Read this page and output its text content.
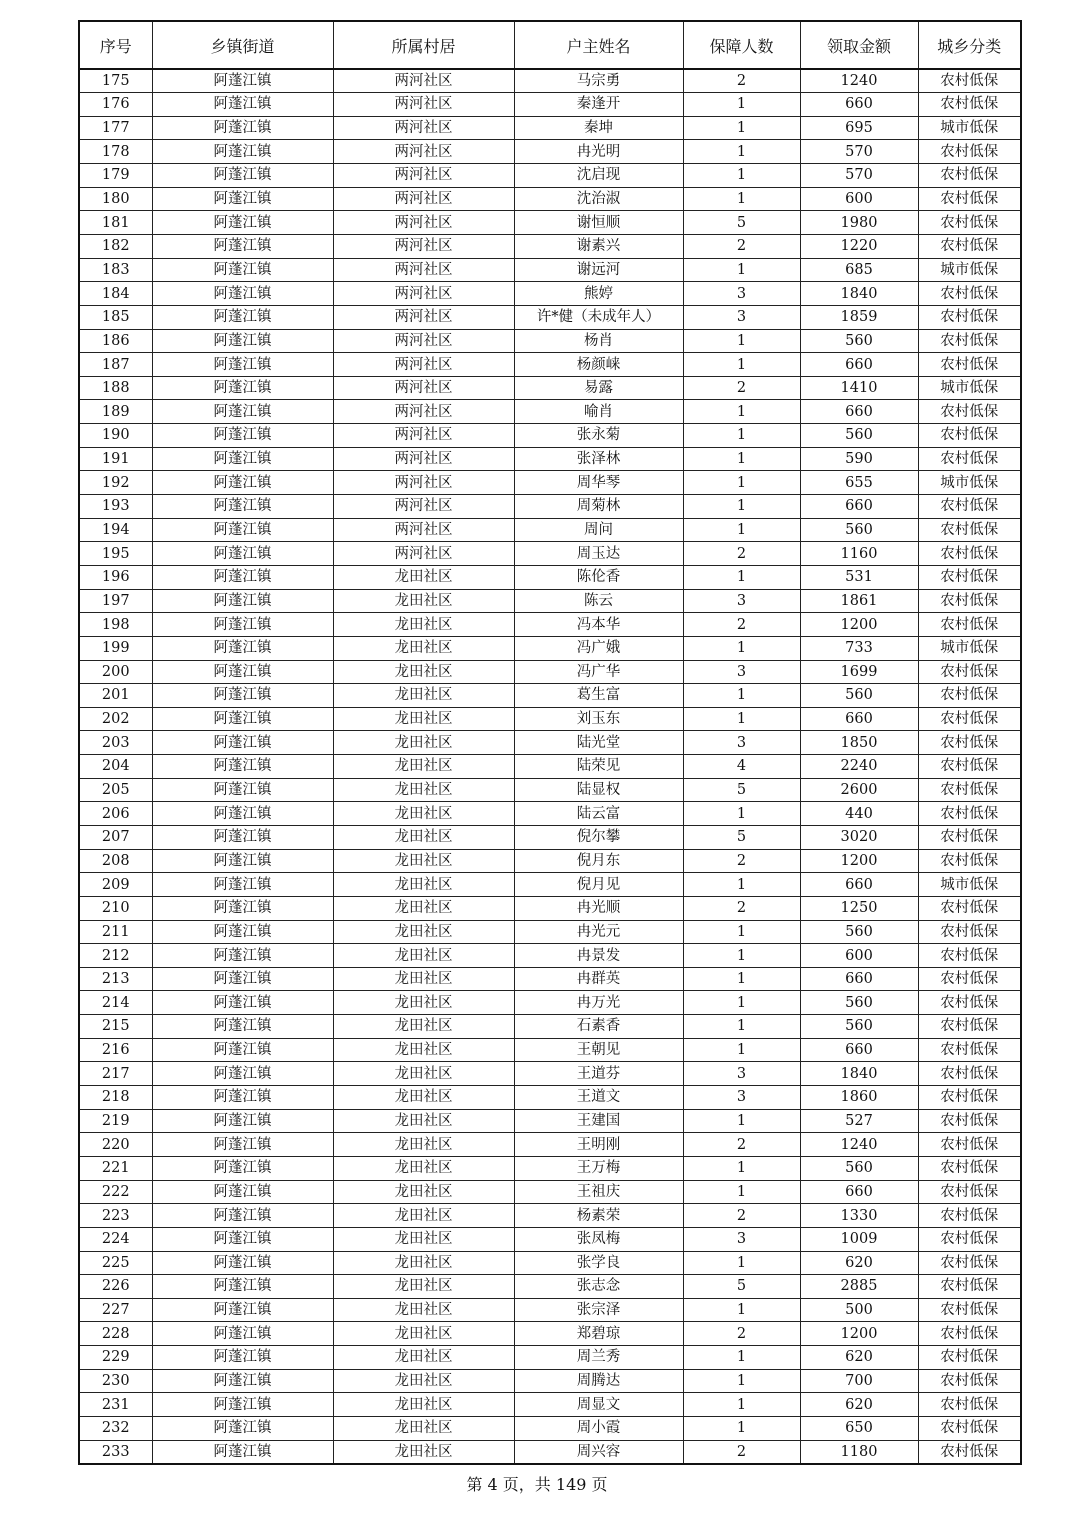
序号	乡镇街道	所属村居	户主姓名	保障人数	领取金额	城乡分类
175	阿蓬江镇	两河社区	马宗勇	2	1240	农村低保
176	阿蓬江镇	两河社区	秦逢开	1	660	农村低保
177	阿蓬江镇	两河社区	秦坤	1	695	城市低保
178	阿蓬江镇	两河社区	冉光明	1	570	农村低保
179	阿蓬江镇	两河社区	沈启现	1	570	农村低保
180	阿蓬江镇	两河社区	沈治淑	1	600	农村低保
181	阿蓬江镇	两河社区	谢恒顺	5	1980	农村低保
182	阿蓬江镇	两河社区	谢素兴	2	1220	农村低保
183	阿蓬江镇	两河社区	谢远河	1	685	城市低保
184	阿蓬江镇	两河社区	熊婷	3	1840	农村低保
185	阿蓬江镇	两河社区	许*健（未成年人）	3	1859	农村低保
186	阿蓬江镇	两河社区	杨肖	1	560	农村低保
187	阿蓬江镇	两河社区	杨颜崃	1	660	农村低保
188	阿蓬江镇	两河社区	易露	2	1410	城市低保
189	阿蓬江镇	两河社区	喻肖	1	660	农村低保
190	阿蓬江镇	两河社区	张永菊	1	560	农村低保
191	阿蓬江镇	两河社区	张泽林	1	590	农村低保
192	阿蓬江镇	两河社区	周华琴	1	655	城市低保
193	阿蓬江镇	两河社区	周菊林	1	660	农村低保
194	阿蓬江镇	两河社区	周问	1	560	农村低保
195	阿蓬江镇	两河社区	周玉达	2	1160	农村低保
196	阿蓬江镇	龙田社区	陈伦香	1	531	农村低保
197	阿蓬江镇	龙田社区	陈云	3	1861	农村低保
198	阿蓬江镇	龙田社区	冯本华	2	1200	农村低保
199	阿蓬江镇	龙田社区	冯广娥	1	733	城市低保
200	阿蓬江镇	龙田社区	冯广华	3	1699	农村低保
201	阿蓬江镇	龙田社区	葛生富	1	560	农村低保
202	阿蓬江镇	龙田社区	刘玉东	1	660	农村低保
203	阿蓬江镇	龙田社区	陆光堂	3	1850	农村低保
204	阿蓬江镇	龙田社区	陆荣见	4	2240	农村低保
205	阿蓬江镇	龙田社区	陆显权	5	2600	农村低保
206	阿蓬江镇	龙田社区	陆云富	1	440	农村低保
207	阿蓬江镇	龙田社区	倪尔攀	5	3020	农村低保
208	阿蓬江镇	龙田社区	倪月东	2	1200	农村低保
209	阿蓬江镇	龙田社区	倪月见	1	660	城市低保
210	阿蓬江镇	龙田社区	冉光顺	2	1250	农村低保
211	阿蓬江镇	龙田社区	冉光元	1	560	农村低保
212	阿蓬江镇	龙田社区	冉景发	1	600	农村低保
213	阿蓬江镇	龙田社区	冉群英	1	660	农村低保
214	阿蓬江镇	龙田社区	冉万光	1	560	农村低保
215	阿蓬江镇	龙田社区	石素香	1	560	农村低保
216	阿蓬江镇	龙田社区	王朝见	1	660	农村低保
217	阿蓬江镇	龙田社区	王道芬	3	1840	农村低保
218	阿蓬江镇	龙田社区	王道文	3	1860	农村低保
219	阿蓬江镇	龙田社区	王建国	1	527	农村低保
220	阿蓬江镇	龙田社区	王明刚	2	1240	农村低保
221	阿蓬江镇	龙田社区	王万梅	1	560	农村低保
222	阿蓬江镇	龙田社区	王祖庆	1	660	农村低保
223	阿蓬江镇	龙田社区	杨素荣	2	1330	农村低保
224	阿蓬江镇	龙田社区	张凤梅	3	1009	农村低保
225	阿蓬江镇	龙田社区	张学良	1	620	农村低保
226	阿蓬江镇	龙田社区	张志念	5	2885	农村低保
227	阿蓬江镇	龙田社区	张宗泽	1	500	农村低保
228	阿蓬江镇	龙田社区	郑碧琼	2	1200	农村低保
229	阿蓬江镇	龙田社区	周兰秀	1	620	农村低保
230	阿蓬江镇	龙田社区	周腾达	1	700	农村低保
231	阿蓬江镇	龙田社区	周显文	1	620	农村低保
232	阿蓬江镇	龙田社区	周小霞	1	650	农村低保
233	阿蓬江镇	龙田社区	周兴容	2	1180	农村低保
第 4 页，共 149 页
